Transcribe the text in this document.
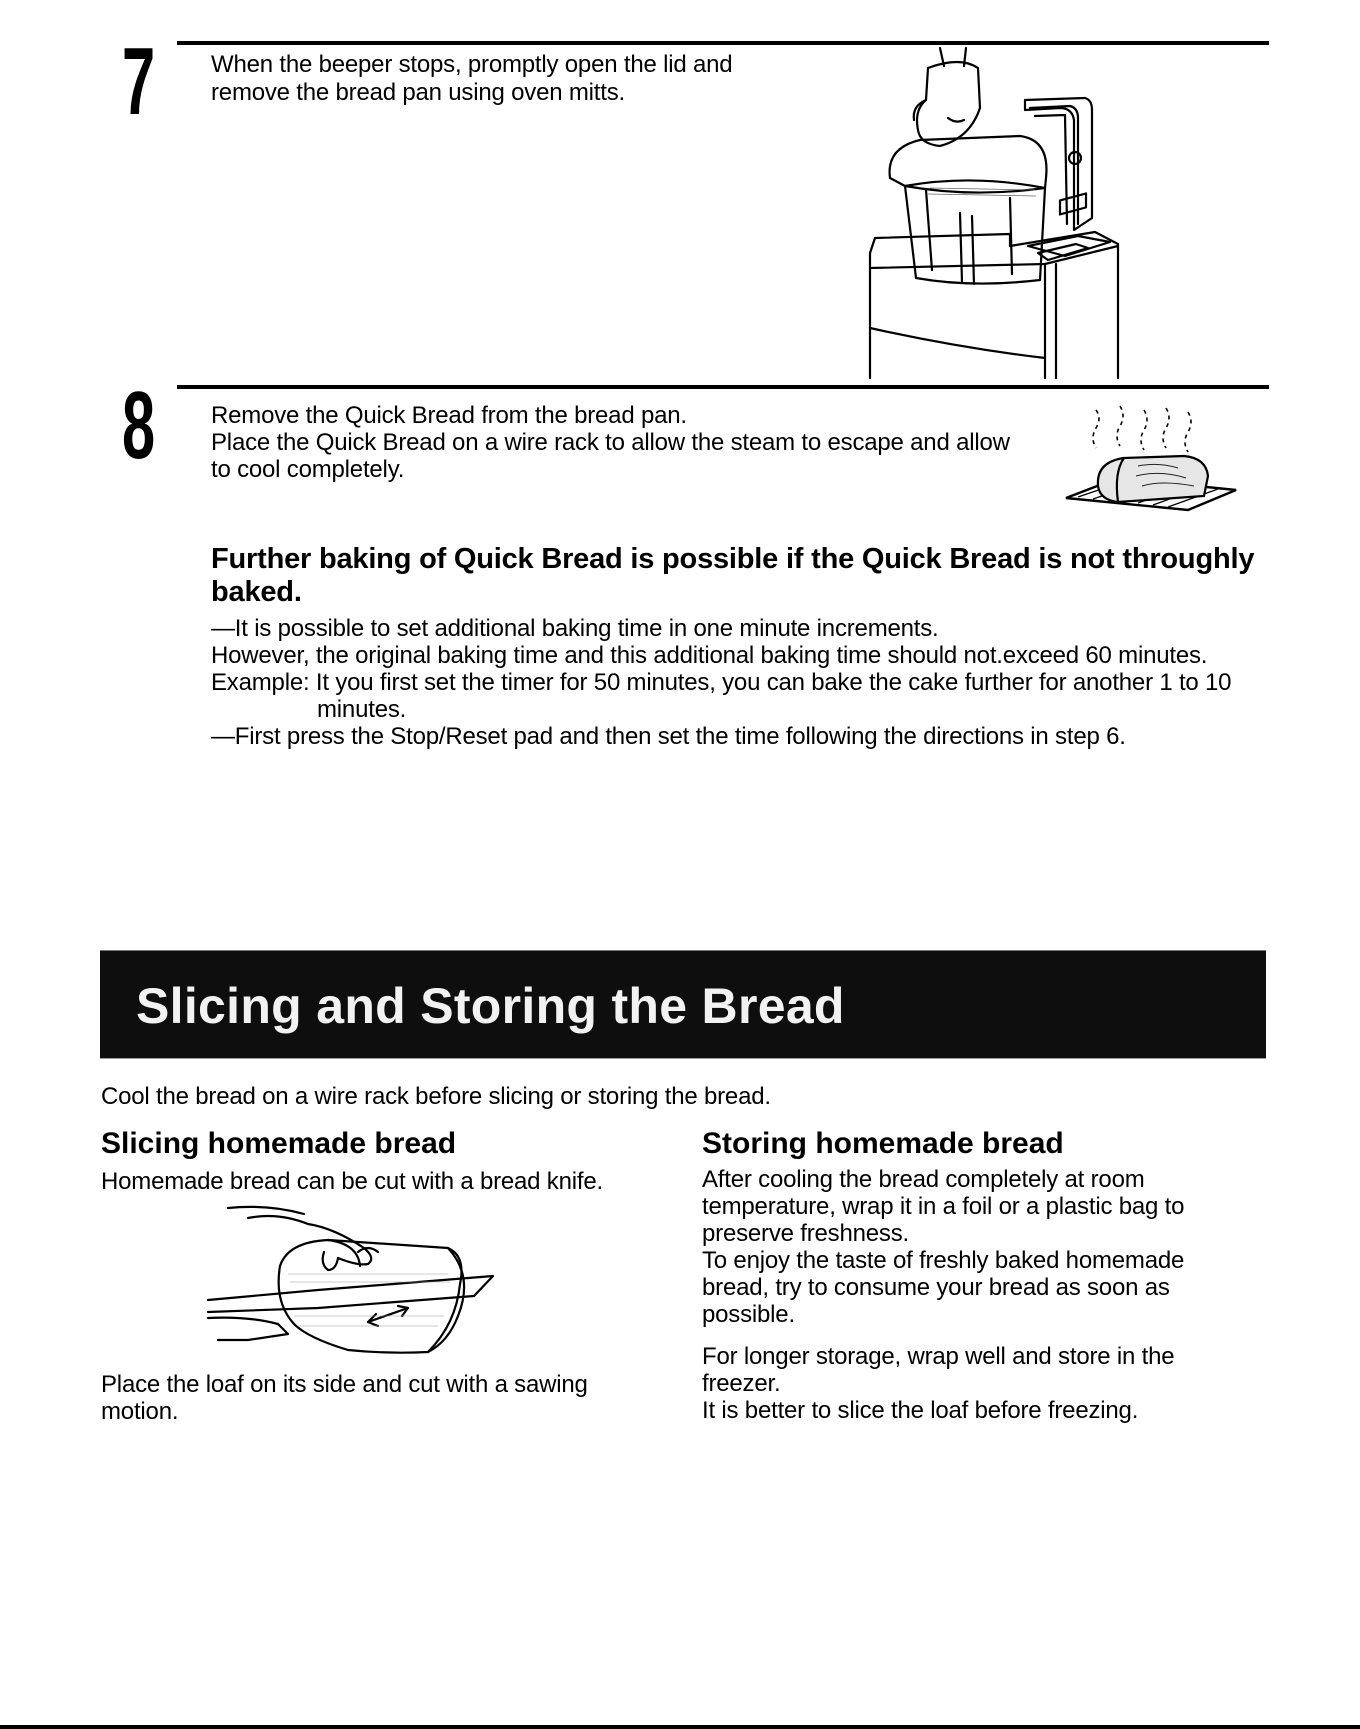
7 When the beeper stops, promptly open the lid and
remove the bread pan using oven mitts.
8 Remove the Quick Bread from the bread pan.
Place the Quick Bread on a wire rack to allow the steam to escape and allow
to cool completely.
Further baking of Quick Bread is possible if the Quick Bread is not throughly
baked.
—It is possible to set additional baking time in one minute increments.
However, the original baking time and this additional baking time should not.exceed 60 minutes.
Example: It you first set the timer for 50 minutes, you can bake the cake further for another 1 to 10
minutes.
—First press the Stop/Reset pad and then set the time following the directions in step 6.
Slicing and Storing the Bread
Cool the bread on a wire rack before slicing or storing the bread.
Slicing homemade bread
Homemade bread can be cut with a bread knife.
Place the loaf on its side and cut with a sawing
motion.
Storing homemade bread
After cooling the bread completely at room
temperature, wrap it in a foil or a plastic bag to
preserve freshness.
To enjoy the taste of freshly baked homemade
bread, try to consume your bread as soon as
possible.
For longer storage, wrap well and store in the
freezer.
It is better to slice the loaf before freezing.
